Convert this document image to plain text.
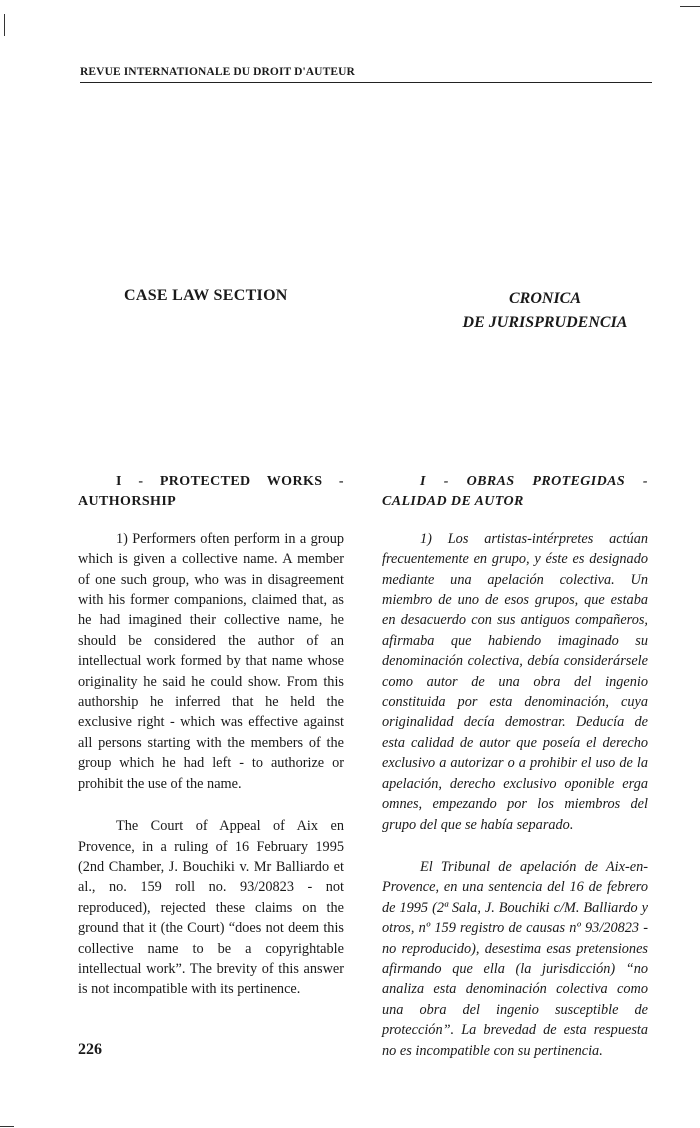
REVUE INTERNATIONALE DU DROIT D'AUTEUR
CASE LAW SECTION	CRONICA
DE JURISPRUDENCIA
I - PROTECTED WORKS - AUTHORSHIP

1) Performers often perform in a group which is given a collective name. A member of one such group, who was in disagreement with his former companions, claimed that, as he had imagined their collective name, he should be considered the author of an intellectual work formed by that name whose originality he said he could show. From this authorship he inferred that he held the exclusive right - which was effective against all persons starting with the members of the group which he had left - to authorize or prohibit the use of the name.

The Court of Appeal of Aix en Provence, in a ruling of 16 February 1995 (2nd Chamber, J. Bouchiki v. Mr Balliardo et al., no. 159 roll no. 93/20823 - not reproduced), rejected these claims on the ground that it (the Court) “does not deem this collective name to be a copyrightable intellectual work”. The brevity of this answer is not incompatible with its pertinence.

I - OBRAS PROTEGIDAS - CALIDAD DE AUTOR

1) Los artistas-intérpretes actúan frecuentemente en grupo, y éste es designado mediante una apelación colectiva. Un miembro de uno de esos grupos, que estaba en desacuerdo con sus antiguos compañeros, afirmaba que habiendo imaginado su denominación colectiva, debía considerársele como autor de una obra del ingenio constituida por esta denominación, cuya originalidad decía demostrar. Deducía de esta calidad de autor que poseía el derecho exclusivo a autorizar o a prohibir el uso de la apelación, derecho exclusivo oponible erga omnes, empezando por los miembros del grupo del que se había separado.

El Tribunal de apelación de Aix-en-Provence, en una sentencia del 16 de febrero de 1995 (2ª Sala, J. Bouchiki c/M. Balliardo y otros, nº 159 registro de causas nº 93/20823 -no reproducido), desestima esas pretensiones afirmando que ella (la jurisdicción) “no analiza esta denominación colectiva como una obra del ingenio susceptible de protección”. La brevedad de esta respuesta no es incompatible con su pertinencia.

226
